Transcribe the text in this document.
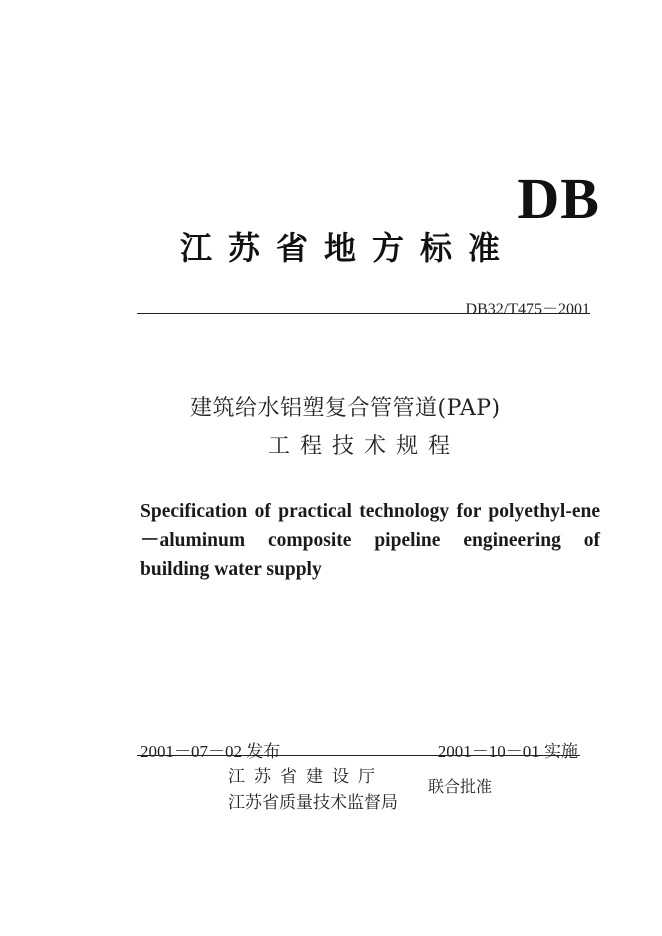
DB
江苏省地方标准
DB32/T475－2001
建筑给水铝塑复合管管道(PAP)
工程技术规程
Specification of practical technology for polyethyl-ene－aluminum composite pipeline engineering of building water supply
2001－07－02 发布	2001－10－01 实施
江苏省建设厅
江苏省质量技术监督局
联合批准
